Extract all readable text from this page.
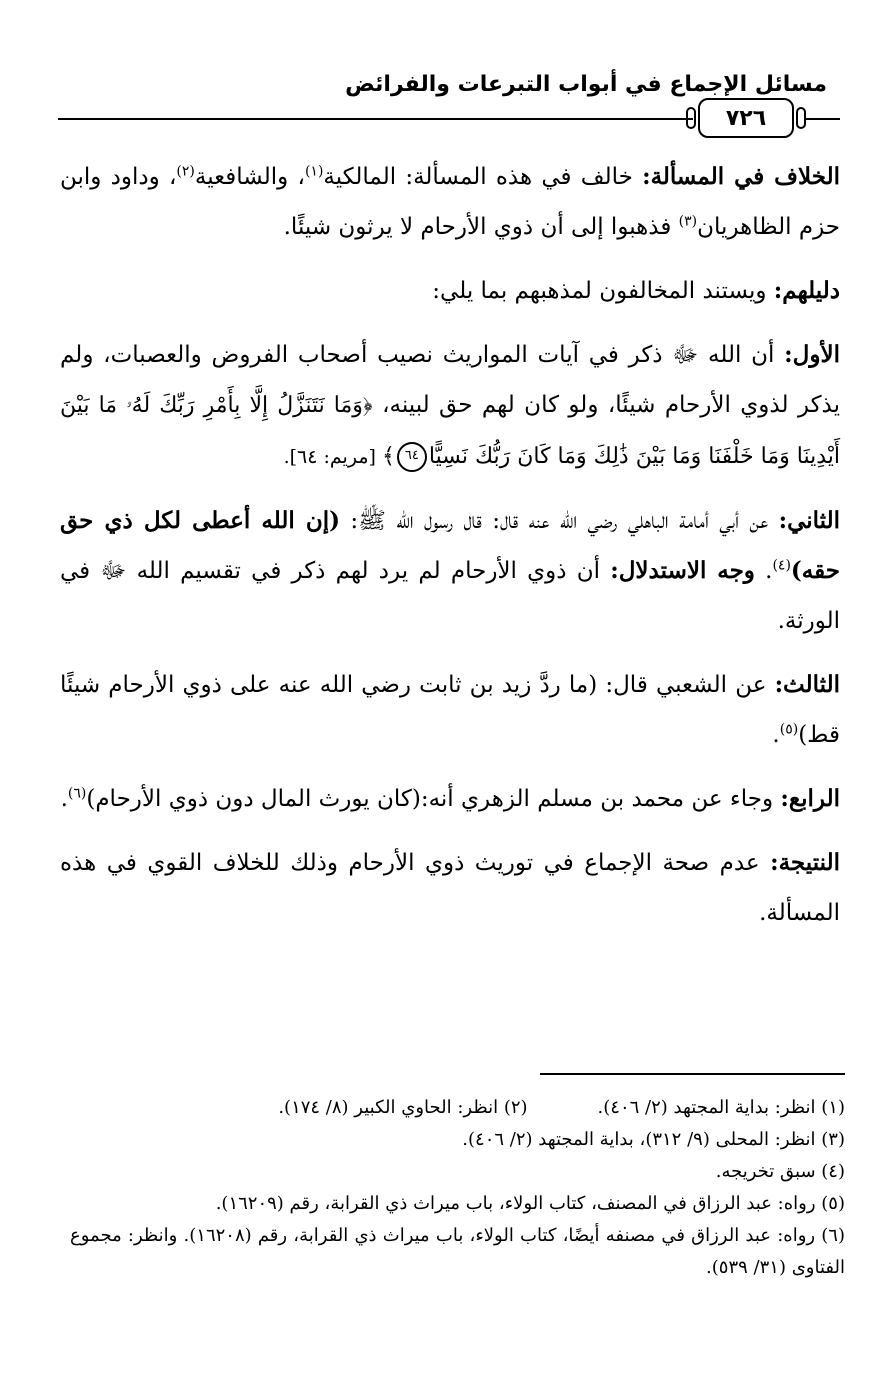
مسائل الإجماع في أبواب التبرعات والفرائض
٧٢٦

الخلاف في المسألة: خالف في هذه المسألة: المالكية$^{(١)}$، والشافعية$^{(٢)}$، وداود وابن حزم الظاهريان$^{(٣)}$ فذهبوا إلى أن ذوي الأرحام لا يرثون شيئًا.

دليلهم: ويستند المخالفون لمذهبهم بما يلي:

الأول: أن الله ﷻ ذكر في آيات المواريث نصيب أصحاب الفروض والعصبات، ولم يذكر لذوي الأرحام شيئًا، ولو كان لهم حق لبينه، ﴿وَمَا نَتَنَزَّلُ إِلَّا بِأَمْرِ رَبِّكَ لَهُۥ مَا بَيْنَ أَيْدِينَا وَمَا خَلْفَنَا وَمَا بَيْنَ ذَٰلِكَ وَمَا كَانَ رَبُّكَ نَسِيًّا٦٤﴾ [مريم: ٦٤].

الثاني: عن أبي أمامة الباهلي رضي الله عنه قال: قال رسول الله ﷺ: (إن الله أعطى لكل ذي حق حقه)$^{(٤)}$. وجه الاستدلال: أن ذوي الأرحام لم يرد لهم ذكر في تقسيم الله ﷻ في الورثة.

الثالث: عن الشعبي قال: (ما ردَّ زيد بن ثابت رضي الله عنه على ذوي الأرحام شيئًا قط)$^{(٥)}$.

الرابع: وجاء عن محمد بن مسلم الزهري أنه:(كان يورث المال دون ذوي الأرحام)$^{(٦)}$.

النتيجة: عدم صحة الإجماع في توريث ذوي الأرحام وذلك للخلاف القوي في هذه المسألة.

(١) انظر: بداية المجتهد (٢/ ٤٠٦).(٢) انظر: الحاوي الكبير (٨/ ١٧٤).

(٣) انظر: المحلى (٩/ ٣١٢)، بداية المجتهد (٢/ ٤٠٦).

(٤) سبق تخريجه.

(٥) رواه: عبد الرزاق في المصنف، كتاب الولاء، باب ميراث ذي القرابة، رقم (١٦٢٠٩).

(٦) رواه: عبد الرزاق في مصنفه أيضًا، كتاب الولاء، باب ميراث ذي القرابة، رقم (١٦٢٠٨). وانظر: مجموع الفتاوى (٣١/ ٥٣٩).
